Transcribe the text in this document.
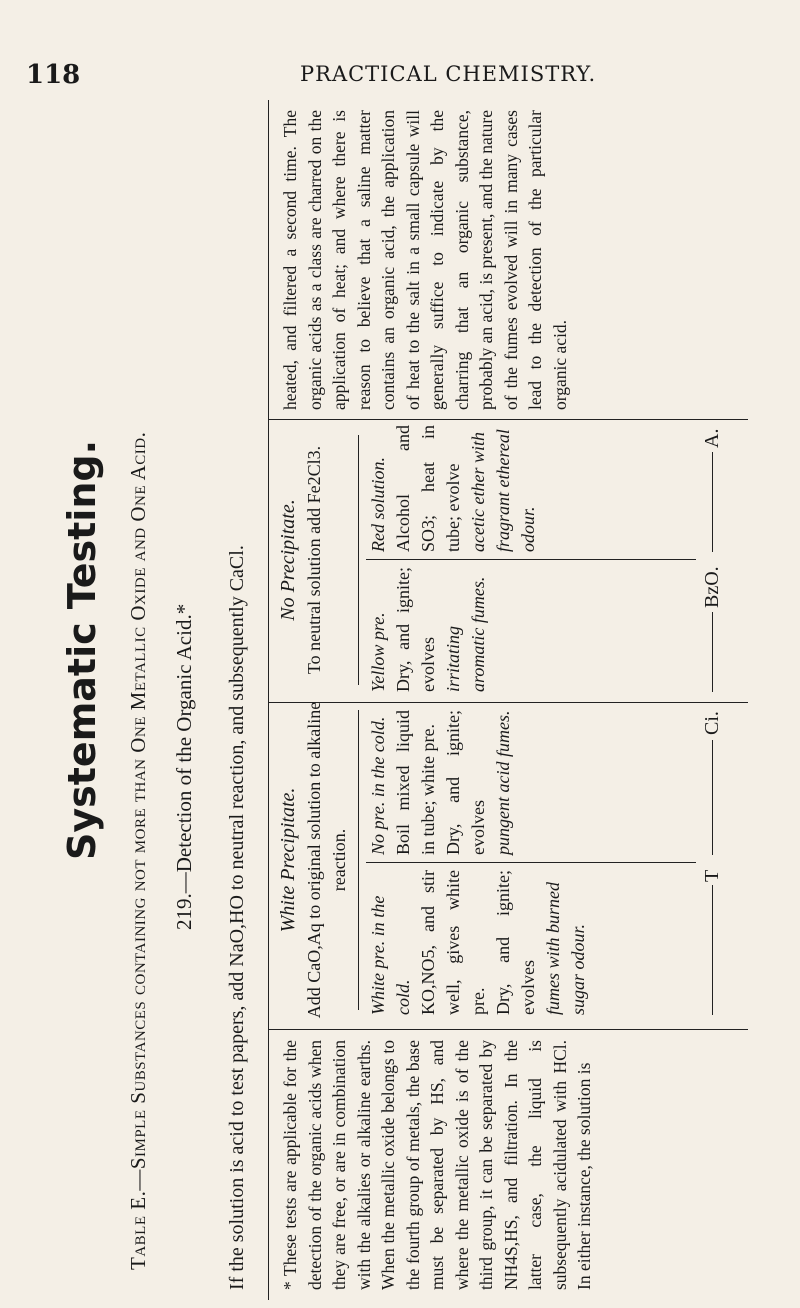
118	PRACTICAL CHEMISTRY.
Systematic Testing. Table E.—Simple Substances containing not more than One Metallic Oxide and One Acid. 219.—Detection of the Organic Acid.* If the solution is acid to test papers, add NaO,HO to neutral reaction, and subsequently CaCl. * These tests are applicable for the detection of the organic acids when they are free, or are in combination with the alkalies or alkaline earths. When the metallic oxide belongs to the fourth group of metals, the base must be separated by HS, and where the metallic oxide is of the third group, it can be separated by NH4S,HS, and filtration. In the latter case, the liquid is subsequently acidulated with HCl. In either instance, the solution is
White Precipitate. Add CaO,Aq to original solution to alkaline reaction.
White pre. in the cold. KO,NO5, and stir well, gives white pre. Dry, and ignite; evolves fumes with burned sugar odour.
No pre. in the cold. Boil mixed liquid in tube; white pre. Dry, and ignite; evolves pungent acid fumes.
No Precipitate. To neutral solution add Fe2Cl3. Yellow pre. Dry, and ignite; evolves irritating aromatic fumes.
Red solution. Alcohol and SO3; heat in tube; evolve acetic ether with fragrant ethereal odour.
T
Ci.
BzO.
A.
heated, and filtered a second time. The organic acids as a class are charred on the application of heat; and where there is reason to believe that a saline matter contains an organic acid, the application of heat to the salt in a small capsule will generally suffice to indicate by the charring that an organic substance, probably an acid, is present, and the nature of the fumes evolved will in many cases lead to the detection of the particular organic acid.
